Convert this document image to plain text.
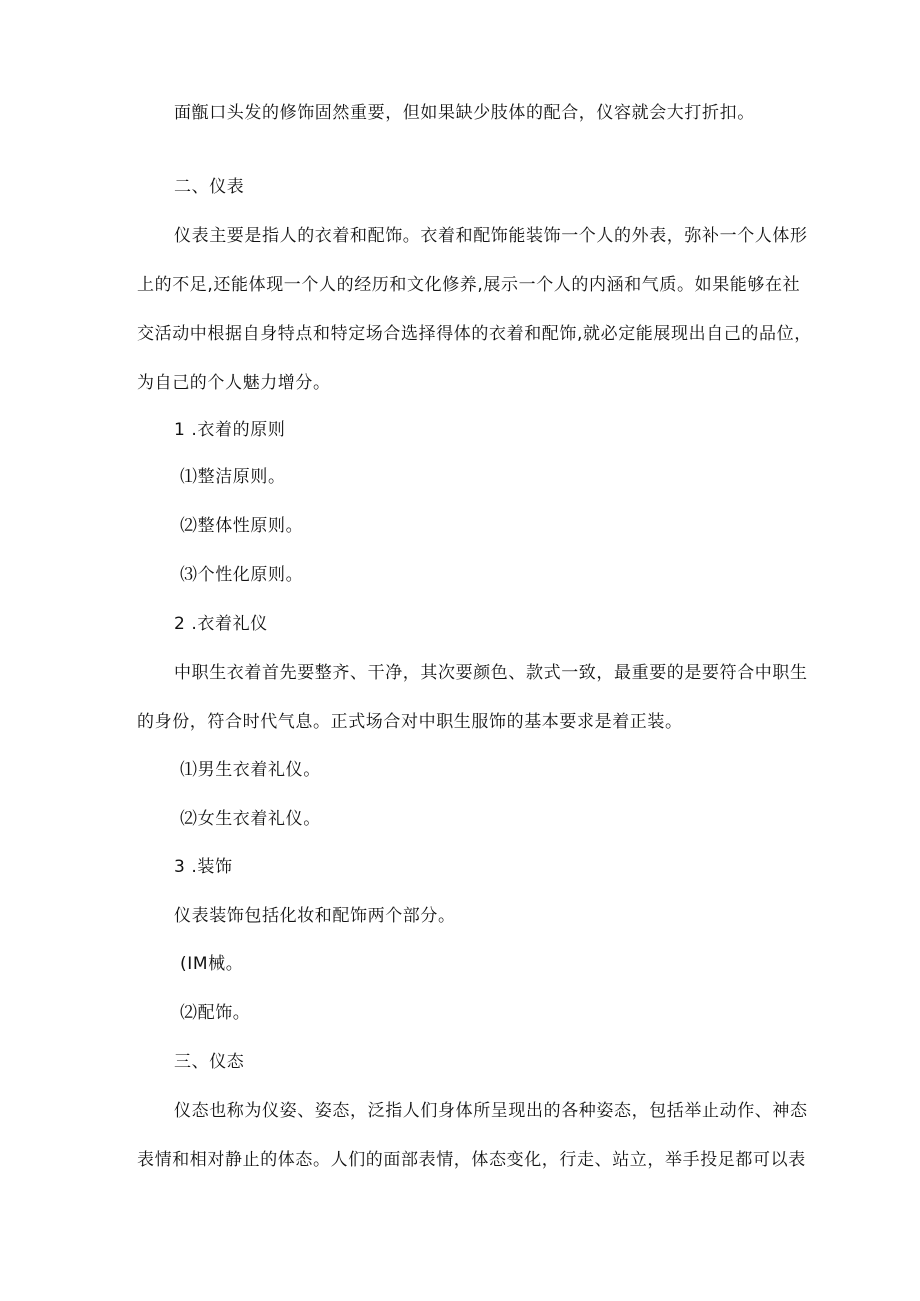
面甑口头发的修饰固然重要，但如果缺少肢体的配合，仪容就会大打折扣。
二、仪表
仪表主要是指人的衣着和配饰。衣着和配饰能装饰一个人的外表，弥补一个人体形
上的不足,还能体现一个人的经历和文化修养,展示一个人的内涵和气质。如果能够在社
交活动中根据自身特点和特定场合选择得体的衣着和配饰,就必定能展现出自己的品位，
为自己的个人魅力增分。
1 .衣着的原则
⑴整洁原则。
⑵整体性原则。
⑶个性化原则。
2 .衣着礼仪
中职生衣着首先要整齐、干净，其次要颜色、款式一致，最重要的是要符合中职生
的身份，符合时代气息。正式场合对中职生服饰的基本要求是着正装。
⑴男生衣着礼仪。
⑵女生衣着礼仪。
3 .装饰
仪表装饰包括化妆和配饰两个部分。
(IM械。
⑵配饰。
三、仪态
仪态也称为仪姿、姿态，泛指人们身体所呈现出的各种姿态，包括举止动作、神态
表情和相对静止的体态。人们的面部表情，体态变化，行走、站立，举手投足都可以表
